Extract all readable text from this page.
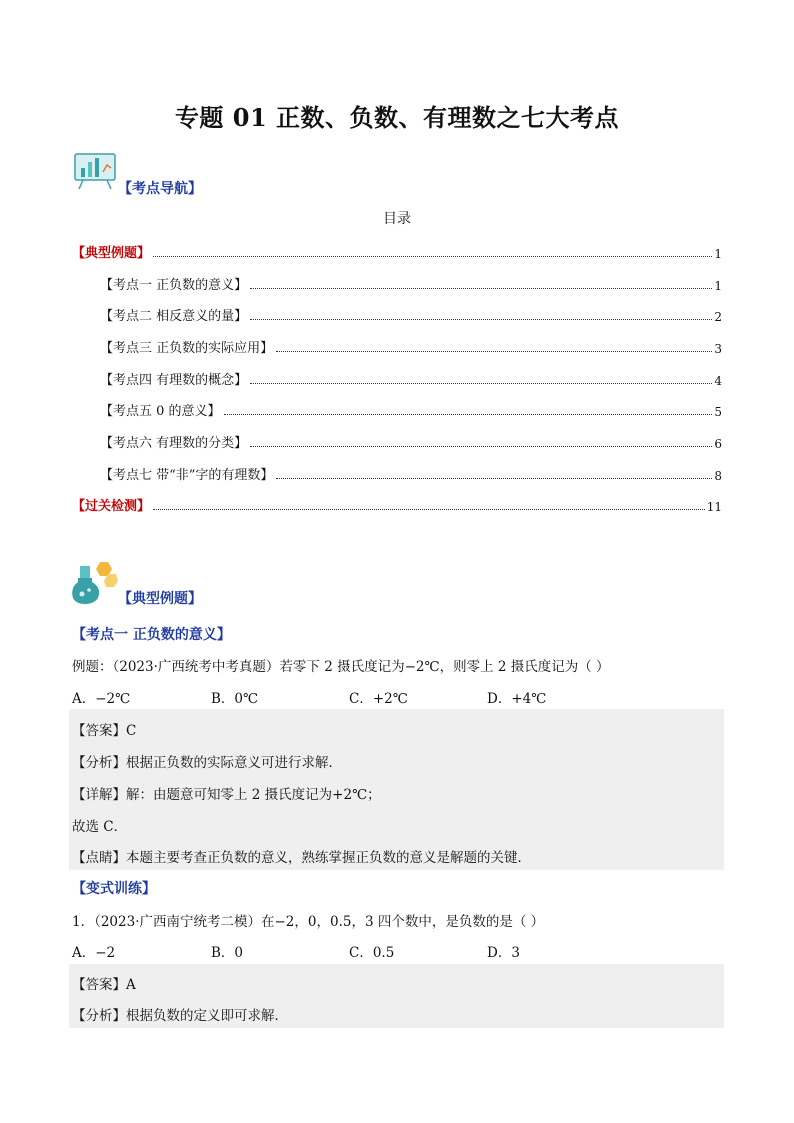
专题 01 正数、负数、有理数之七大考点
【考点导航】
目录
【典型例题】	1
【考点一 正负数的意义】	1
【考点二 相反意义的量】	2
【考点三 正负数的实际应用】	3
【考点四 有理数的概念】	4
【考点五 0 的意义】	5
【考点六 有理数的分类】	6
【考点七 带“非”字的有理数】	8
【过关检测】	11
【典型例题】
【考点一 正负数的意义】
例题：（2023·广西统考中考真题）若零下 2 摄氏度记为−2℃，则零上 2 摄氏度记为（ ）
A．−2℃	B．0℃	C．+2℃	D．+4℃
【答案】C
【分析】根据正负数的实际意义可进行求解．
【详解】解：由题意可知零上 2 摄氏度记为+2℃；
故选 C．
【点睛】本题主要考查正负数的意义，熟练掌握正负数的意义是解题的关键．
【变式训练】
1．（2023·广西南宁统考二模）在−2，0，0.5，3 四个数中，是负数的是（ ）
A．−2	B．0	C．0.5	D．3
【答案】A
【分析】根据负数的定义即可求解．
